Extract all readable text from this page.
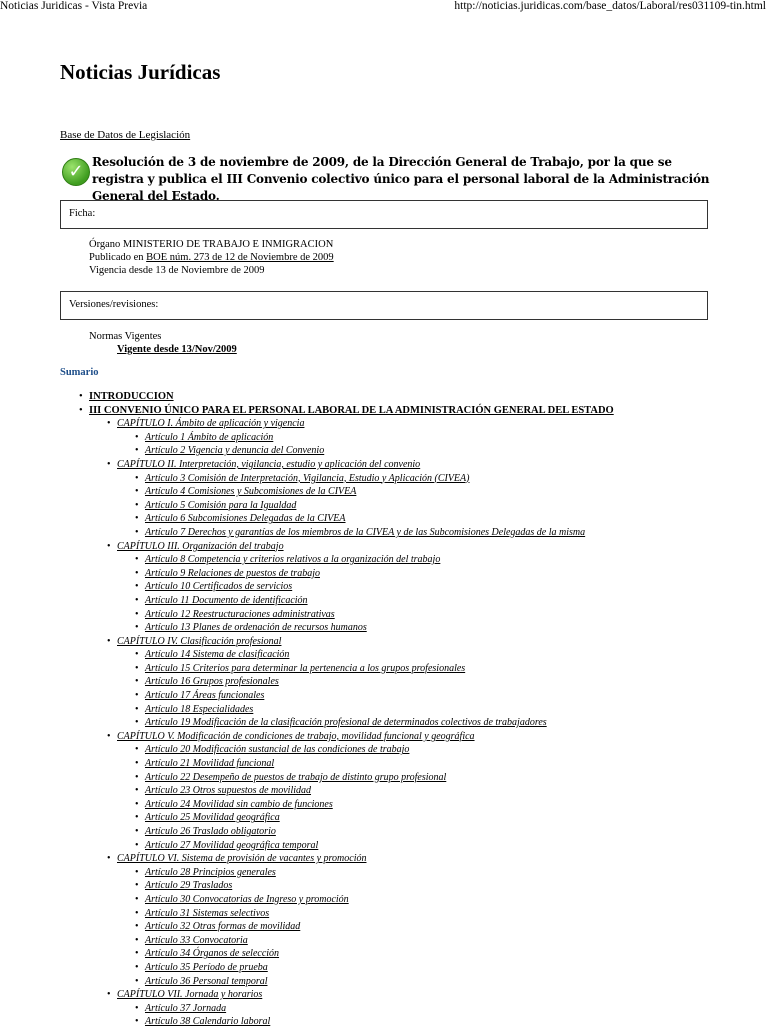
Noticias Juridicas - Vista Previa	http://noticias.juridicas.com/base_datos/Laboral/res031109-tin.html
Noticias Jurídicas
Base de Datos de Legislación
✓ Resolución de 3 de noviembre de 2009, de la Dirección General de Trabajo, por la que se registra y publica el III Convenio colectivo único para el personal laboral de la Administración General del Estado.
Ficha:
Órgano MINISTERIO DE TRABAJO E INMIGRACION
Publicado en BOE núm. 273 de 12 de Noviembre de 2009
Vigencia desde 13 de Noviembre de 2009
Versiones/revisiones:
Normas Vigentes
Vigente desde 13/Nov/2009
Sumario
• INTRODUCCION
• III CONVENIO ÚNICO PARA EL PERSONAL LABORAL DE LA ADMINISTRACIÓN GENERAL DEL ESTADO
• CAPÍTULO I. Ámbito de aplicación y vigencia
• Artículo 1 Ámbito de aplicación
• Artículo 2 Vigencia y denuncia del Convenio
• CAPÍTULO II. Interpretación, vigilancia, estudio y aplicación del convenio
• Artículo 3 Comisión de Interpretación, Vigilancia, Estudio y Aplicación (CIVEA)
• Artículo 4 Comisiones y Subcomisiones de la CIVEA
• Artículo 5 Comisión para la Igualdad
• Artículo 6 Subcomisiones Delegadas de la CIVEA
• Artículo 7 Derechos y garantías de los miembros de la CIVEA y de las Subcomisiones Delegadas de la misma
• CAPÍTULO III. Organización del trabajo
• Artículo 8 Competencia y criterios relativos a la organización del trabajo
• Artículo 9 Relaciones de puestos de trabajo
• Artículo 10 Certificados de servicios
• Artículo 11 Documento de identificación
• Artículo 12 Reestructuraciones administrativas
• Artículo 13 Planes de ordenación de recursos humanos
• CAPÍTULO IV. Clasificación profesional
• Artículo 14 Sistema de clasificación
• Artículo 15 Criterios para determinar la pertenencia a los grupos profesionales
• Artículo 16 Grupos profesionales
• Artículo 17 Áreas funcionales
• Artículo 18 Especialidades
• Artículo 19 Modificación de la clasificación profesional de determinados colectivos de trabajadores
• CAPÍTULO V. Modificación de condiciones de trabajo, movilidad funcional y geográfica
• Artículo 20 Modificación sustancial de las condiciones de trabajo
• Artículo 21 Movilidad funcional
• Artículo 22 Desempeño de puestos de trabajo de distinto grupo profesional
• Artículo 23 Otros supuestos de movilidad
• Artículo 24 Movilidad sin cambio de funciones
• Artículo 25 Movilidad geográfica
• Artículo 26 Traslado obligatorio
• Artículo 27 Movilidad geográfica temporal
• CAPÍTULO VI. Sistema de provisión de vacantes y promoción
• Artículo 28 Principios generales
• Artículo 29 Traslados
• Artículo 30 Convocatorias de Ingreso y promoción
• Artículo 31 Sistemas selectivos
• Artículo 32 Otras formas de movilidad
• Artículo 33 Convocatoria
• Artículo 34 Órganos de selección
• Artículo 35 Período de prueba
• Artículo 36 Personal temporal
• CAPÍTULO VII. Jornada y horarios
• Artículo 37 Jornada
• Artículo 38 Calendario laboral
